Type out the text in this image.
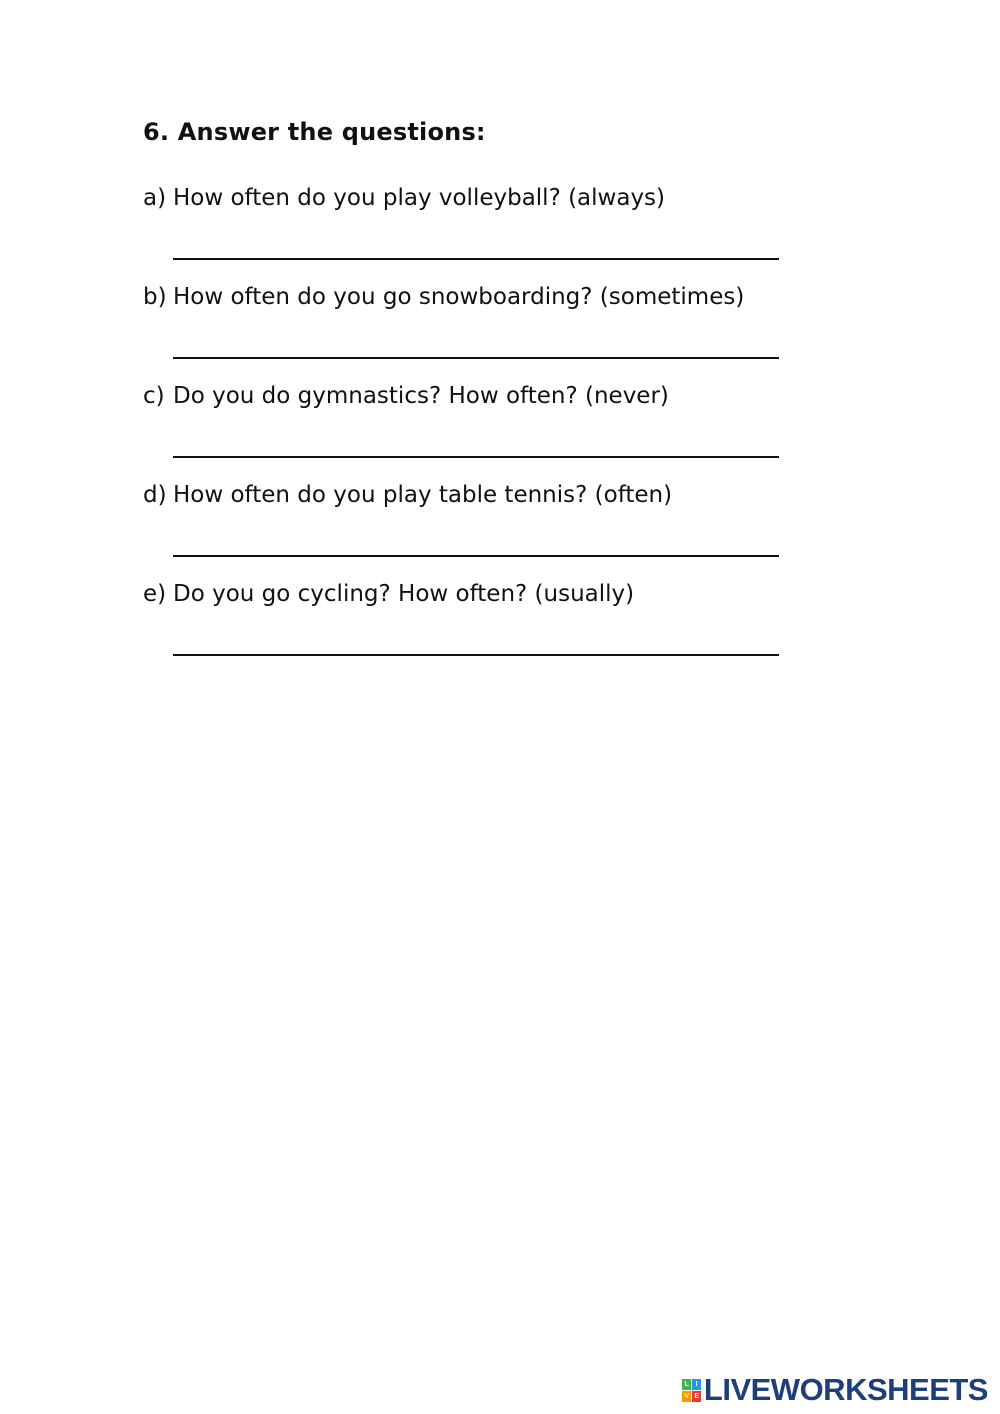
6. Answer the questions:
a) How often do you play volleyball? (always)
b) How often do you go snowboarding? (sometimes)
c) Do you do gymnastics? How often? (never)
d) How often do you play table tennis? (often)
e) Do you go cycling? How often? (usually)
L	I
V E LIVEWORKSHEETS
